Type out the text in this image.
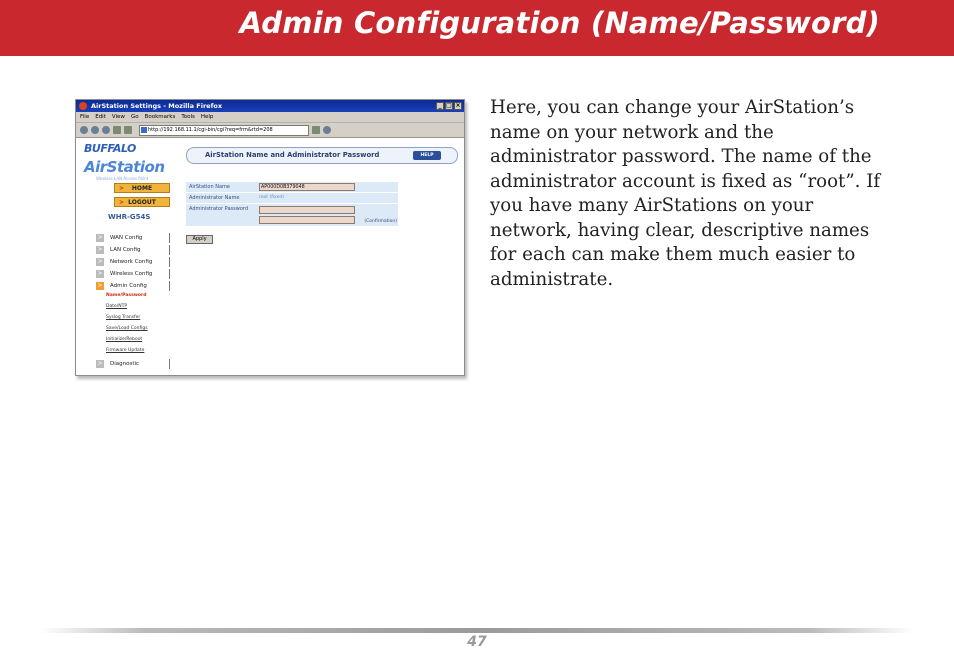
Admin Configuration (Name/Password)
AirStation Settings - Mozilla Firefox	_ □ ×
File Edit View Go Bookmarks Tools Help
http://192.168.11.1/cgi-bin/cgi?req=frm&rtd=208
BUFFALO
AirStation
Wireless LAN Access Point
> HOME
> LOGOUT
WHR-G54S
> WAN Config
> LAN Config
> Network Config
> Wireless Config
> Admin Config
Name/Password
Date/NTP
Syslog Transfer
Save/Load Configs
Initialize/Reboot
Firmware Update
> Diagnostic
AirStation Name and Administrator Password	HELP
AirStation Name	AP000D0B379048
Administrator Name	root (fixed)
Administrator Password
(Confirmation)
Apply

Here, you can change your AirStation’s name on your network and the administrator password. The name of the administrator account is fixed as “root”. If you have many AirStations on your network, having clear, descriptive names for each can make them much easier to administrate.

47
